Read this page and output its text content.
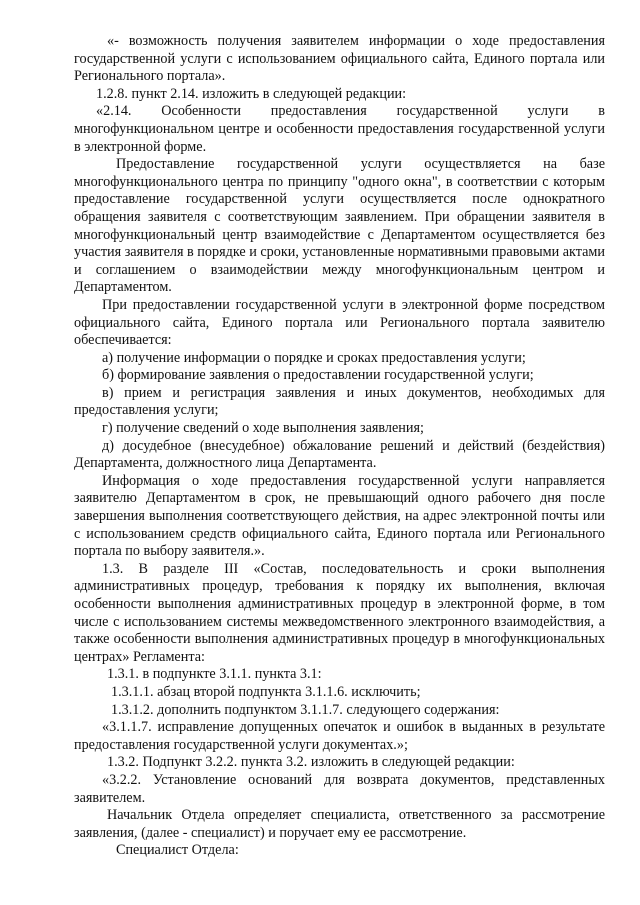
«- возможность получения заявителем информации о ходе предоставления государственной услуги с использованием официального сайта, Единого портала или Регионального портала».

1.2.8. пункт 2.14. изложить в следующей редакции:

«2.14. Особенности предоставления государственной услуги в многофункциональном центре и особенности предоставления государственной услуги в электронной форме.

Предоставление государственной услуги осуществляется на базе многофункционального центра по принципу "одного окна", в соответствии с которым предоставление государственной услуги осуществляется после однократного обращения заявителя с соответствующим заявлением. При обращении заявителя в многофункциональный центр взаимодействие с Департаментом осуществляется без участия заявителя в порядке и сроки, установленные нормативными правовыми актами и соглашением о взаимодействии между многофункциональным центром и Департаментом.

При предоставлении государственной услуги в электронной форме посредством официального сайта, Единого портала или Регионального портала заявителю обеспечивается:

а) получение информации о порядке и сроках предоставления услуги;

б) формирование заявления о предоставлении государственной услуги;

в) прием и регистрация заявления и иных документов, необходимых для предоставления услуги;

г) получение сведений о ходе выполнения заявления;

д) досудебное (внесудебное) обжалование решений и действий (бездействия) Департамента, должностного лица Департамента.

Информация о ходе предоставления государственной услуги направляется заявителю Департаментом в срок, не превышающий одного рабочего дня после завершения выполнения соответствующего действия, на адрес электронной почты или с использованием средств официального сайта, Единого портала или Регионального портала по выбору заявителя.».

1.3. В разделе III «Состав, последовательность и сроки выполнения административных процедур, требования к порядку их выполнения, включая особенности выполнения административных процедур в электронной форме, в том числе с использованием системы межведомственного электронного взаимодействия, а также особенности выполнения административных процедур в многофункциональных центрах» Регламента:

1.3.1. в подпункте 3.1.1. пункта 3.1:

1.3.1.1. абзац второй подпункта 3.1.1.6. исключить;

1.3.1.2. дополнить подпунктом 3.1.1.7. следующего содержания:

«3.1.1.7. исправление допущенных опечаток и ошибок в выданных в результате предоставления государственной услуги документах.»;

1.3.2. Подпункт 3.2.2. пункта 3.2. изложить в следующей редакции:

«3.2.2. Установление оснований для возврата документов, представленных заявителем.

Начальник Отдела определяет специалиста, ответственного за рассмотрение заявления, (далее - специалист) и поручает ему ее рассмотрение.

Специалист Отдела:
